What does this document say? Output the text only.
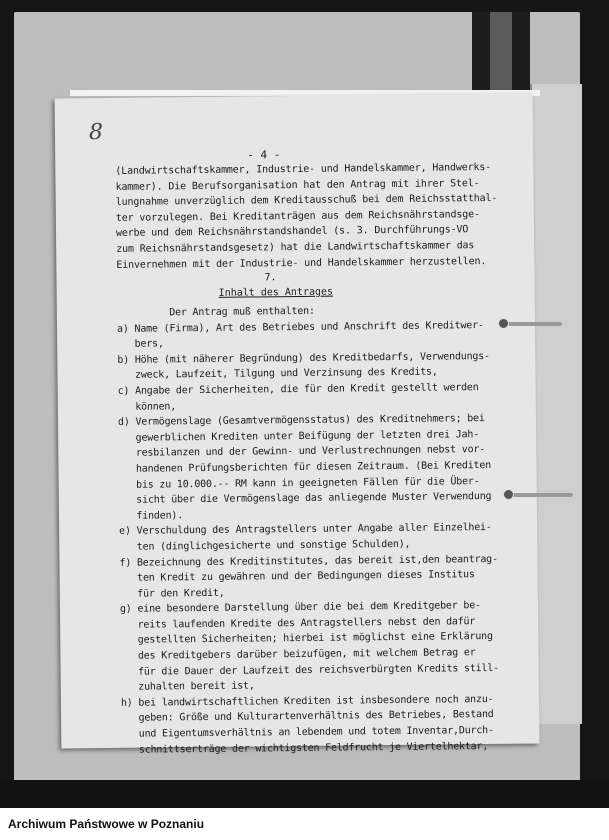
8
- 4 -
(Landwirtschaftskammer, Industrie- und Handelskammer, Handwerks-
kammer). Die Berufsorganisation hat den Antrag mit ihrer Stel-
lungnahme unverzüglich dem Kreditausschuß bei dem Reichsstatthal-
ter vorzulegen. Bei Kreditanträgen aus dem Reichsnährstandsge-
werbe und dem Reichsnährstandshandel (s. 3. Durchführungs-VO
zum Reichsnährstandsgesetz) hat die Landwirtschaftskammer das
Einvernehmen mit der Industrie- und Handelskammer herzustellen.
7.
Inhalt des Antrages
Der Antrag muß enthalten:
a) Name (Firma), Art des Betriebes und Anschrift des Kreditwer-
bers,
b) Höhe (mit näherer Begründung) des Kreditbedarfs, Verwendungs-
zweck, Laufzeit, Tilgung und Verzinsung des Kredits,
c) Angabe der Sicherheiten, die für den Kredit gestellt werden
können,
d) Vermögenslage (Gesamtvermögensstatus) des Kreditnehmers; bei
gewerblichen Krediten unter Beifügung der letzten drei Jah-
resbilanzen und der Gewinn- und Verlustrechnungen nebst vor-
handenen Prüfungsberichten für diesen Zeitraum. (Bei Krediten
bis zu 10.000.-- RM kann in geeigneten Fällen für die Über-
sicht über die Vermögenslage das anliegende Muster Verwendung
finden).
e) Verschuldung des Antragstellers unter Angabe aller Einzelhei-
ten (dinglichgesicherte und sonstige Schulden),
f) Bezeichnung des Kreditinstitutes, das bereit ist,den beantrag-
ten Kredit zu gewähren und der Bedingungen dieses Institus
für den Kredit,
g) eine besondere Darstellung über die bei dem Kreditgeber be-
reits laufenden Kredite des Antragstellers nebst den dafür
gestellten Sicherheiten; hierbei ist möglichst eine Erklärung
des Kreditgebers darüber beizufügen, mit welchem Betrag er
für die Dauer der Laufzeit des reichsverbürgten Kredits still-
zuhalten bereit ist,
h) bei landwirtschaftlichen Krediten ist insbesondere noch anzu-
geben: Größe und Kulturartenverhältnis des Betriebes, Bestand
und Eigentumsverhältnis an lebendem und totem Inventar,Durch-
schnittserträge der wichtigsten Feldfrucht je Viertelhektar,
Archiwum Państwowe w Poznaniu
